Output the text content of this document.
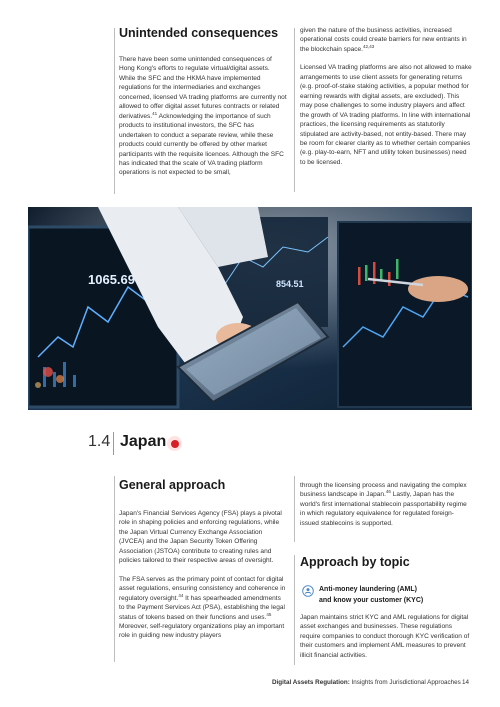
Unintended consequences

There have been some unintended consequences of Hong Kong's efforts to regulate virtual/digital assets. While the SFC and the HKMA have implemented regulations for the intermediaries and exchanges concerned, licensed VA trading platforms are currently not allowed to offer digital asset futures contracts or related derivatives.$^{41}$ Acknowledging the importance of such products to institutional investors, the SFC has undertaken to conduct a separate review, while these products could currently be offered by other market participants with the requisite licences. Although the SFC has indicated that the scale of VA trading platform operations is not expected to be small,

given the nature of the business activities, increased operational costs could create barriers for new entrants in the blockchain space.$^{42,43}$

Licensed VA trading platforms are also not allowed to make arrangements to use client assets for generating returns (e.g. proof-of-stake staking activities, a popular method for earning rewards with digital assets, are excluded). This may pose challenges to some industry players and affect the growth of VA trading platforms. In line with international practices, the licensing requirements as statutorily stipulated are activity-based, not entity-based. There may be room for clearer clarity as to whether certain companies (e.g. play-to-earn, NFT and utility token businesses) need to be licensed.

1065.69	854.51
1.4 Japan
General approach

Japan's Financial Services Agency (FSA) plays a pivotal role in shaping policies and enforcing regulations, while the Japan Virtual Currency Exchange Association (JVCEA) and the Japan Security Token Offering Association (JSTOA) contribute to creating rules and policies tailored to their respective areas of oversight.

The FSA serves as the primary point of contact for digital asset regulations, ensuring consistency and coherence in regulatory oversight.$^{44}$ It has spearheaded amendments to the Payment Services Act (PSA), establishing the legal status of tokens based on their functions and uses.$^{45}$ Moreover, self-regulatory organizations play an important role in guiding new industry players

through the licensing process and navigating the complex business landscape in Japan.$^{46}$ Lastly, Japan has the world's first international stablecoin passportability regime in which regulatory equivalence for regulated foreign-issued stablecoins is supported.

Approach by topic
Anti-money laundering (AML)
and know your customer (KYC)

Japan maintains strict KYC and AML regulations for digital asset exchanges and businesses. These regulations require companies to conduct thorough KYC verification of their customers and implement AML measures to prevent illicit financial activities.

Digital Assets Regulation: Insights from Jurisdictional Approaches 14
